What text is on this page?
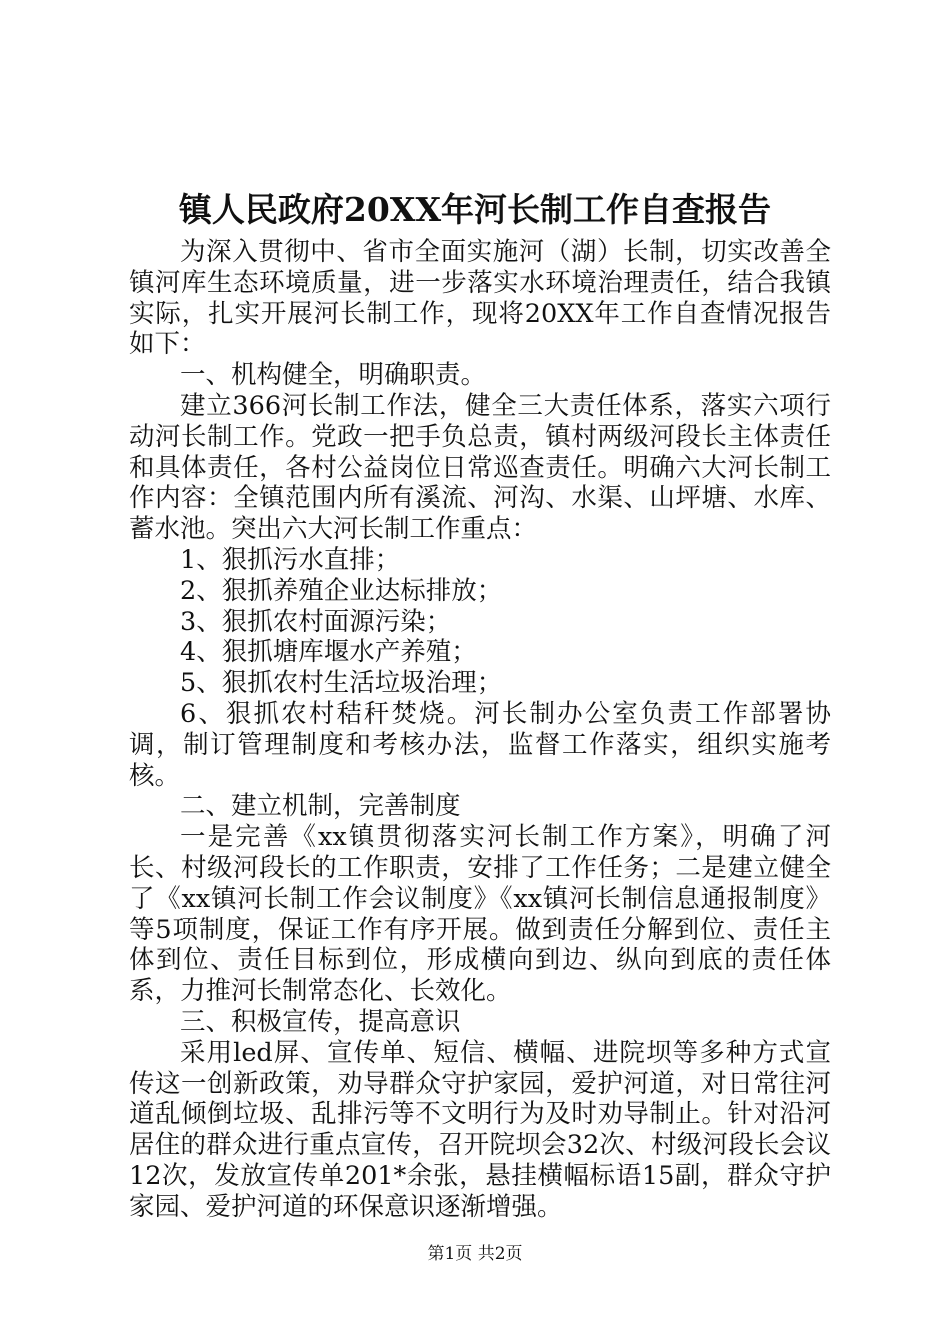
镇人民政府20XX年河长制工作自查报告

为深入贯彻中、省市全面实施河（湖）长制，切实改善全镇河库生态环境质量，进一步落实水环境治理责任，结合我镇实际，扎实开展河长制工作，现将20XX年工作自查情况报告如下：

一、机构健全，明确职责。

建立366河长制工作法，健全三大责任体系，落实六项行动河长制工作。党政一把手负总责，镇村两级河段长主体责任和具体责任，各村公益岗位日常巡查责任。明确六大河长制工作内容：全镇范围内所有溪流、河沟、水渠、山坪塘、水库、蓄水池。突出六大河长制工作重点：

1、狠抓污水直排；

2、狠抓养殖企业达标排放；

3、狠抓农村面源污染；

4、狠抓塘库堰水产养殖；

5、狠抓农村生活垃圾治理；

6、狠抓农村秸秆焚烧。河长制办公室负责工作部署协调，制订管理制度和考核办法，监督工作落实，组织实施考核。

二、建立机制，完善制度

一是完善《xx镇贯彻落实河长制工作方案》，明确了河长、村级河段长的工作职责，安排了工作任务；二是建立健全了《xx镇河长制工作会议制度》《xx镇河长制信息通报制度》等5项制度，保证工作有序开展。做到责任分解到位、责任主体到位、责任目标到位，形成横向到边、纵向到底的责任体系，力推河长制常态化、长效化。

三、积极宣传，提高意识

采用led屏、宣传单、短信、横幅、进院坝等多种方式宣传这一创新政策，劝导群众守护家园，爱护河道，对日常往河道乱倾倒垃圾、乱排污等不文明行为及时劝导制止。针对沿河居住的群众进行重点宣传，召开院坝会32次、村级河段长会议12次，发放宣传单201*余张，悬挂横幅标语15副，群众守护家园、爱护河道的环保意识逐渐增强。

第1页 共2页
